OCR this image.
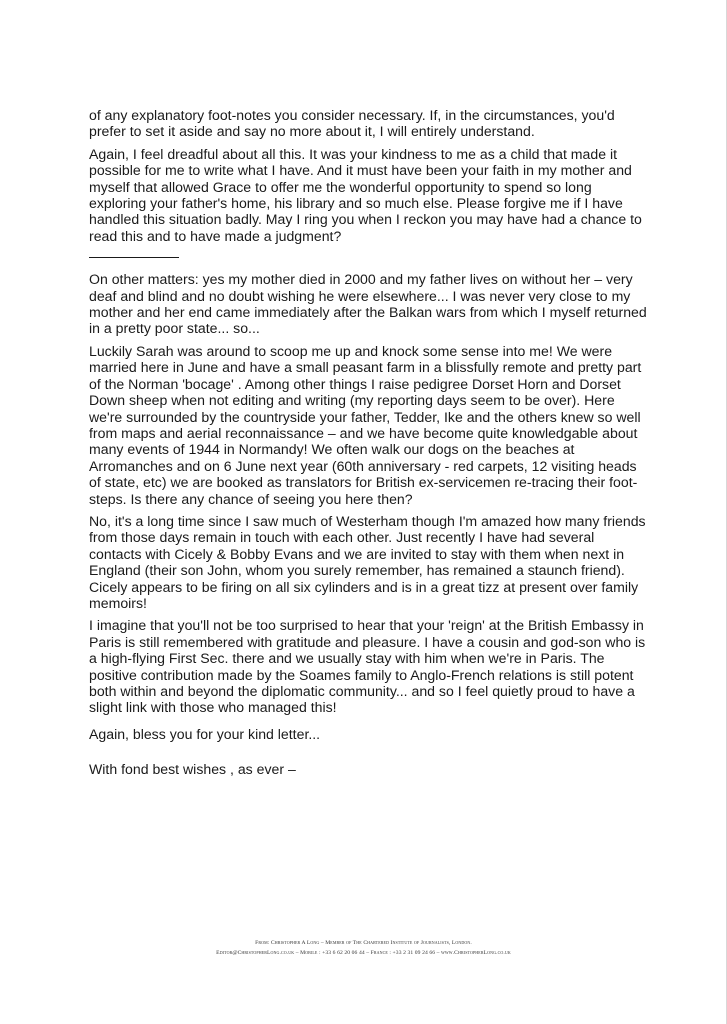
of any explanatory foot-notes you consider necessary. If, in the circumstances, you'd prefer to set it aside and say no more about it, I will entirely understand.

Again, I feel dreadful about all this. It was your kindness to me as a child that made it possible for me to write what I have. And it must have been your faith in my mother and myself that allowed Grace to offer me the wonderful opportunity to spend so long exploring your father's home, his library and so much else. Please forgive me if I have handled this situation badly. May I ring you when I reckon you may have had a chance to read this and to have made a judgment?

On other matters: yes my mother died in 2000 and my father lives on without her – very deaf and blind and no doubt wishing he were elsewhere... I was never very close to my mother and her end came immediately after the Balkan wars from which I myself returned in a pretty poor state... so...

Luckily Sarah was around to scoop me up and knock some sense into me! We were married here in June and have a small peasant farm in a blissfully remote and pretty part of the Norman 'bocage' . Among other things I raise pedigree Dorset Horn and Dorset Down sheep when not editing and writing (my reporting days seem to be over). Here we're surrounded by the countryside your father, Tedder, Ike and the others knew so well from maps and aerial reconnaissance – and we have become quite knowledgable about many events of 1944 in Normandy! We often walk our dogs on the beaches at Arromanches and on 6 June next year (60th anniversary - red carpets, 12 visiting heads of state, etc) we are booked as translators for British ex-servicemen re-tracing their foot-steps. Is there any chance of seeing you here then?

No, it's a long time since I saw much of Westerham though I'm amazed how many friends from those days remain in touch with each other. Just recently I have had several contacts with Cicely & Bobby Evans and we are invited to stay with them when next in England (their son John, whom you surely remember, has remained a staunch friend). Cicely appears to be firing on all six cylinders and is in a great tizz at present over family memoirs!

I imagine that you'll not be too surprised to hear that your 'reign' at the British Embassy in Paris is still remembered with gratitude and pleasure. I have a cousin and god-son who is a high-flying First Sec. there and we usually stay with him when we're in Paris. The positive contribution made by the Soames family to Anglo-French relations is still potent both within and beyond the diplomatic community... and so I feel quietly proud to have a slight link with those who managed this!

Again, bless you for your kind letter...

With fond best wishes , as ever –

From: Christopher A Long – Member of The Chartered Institute of Journalists, London.
Editor@ChristopherLong.co.uk – Mobile : +33 6 62 20 06 44 – France : +33 2 31 09 24 66 – www.ChristopherLong.co.uk
